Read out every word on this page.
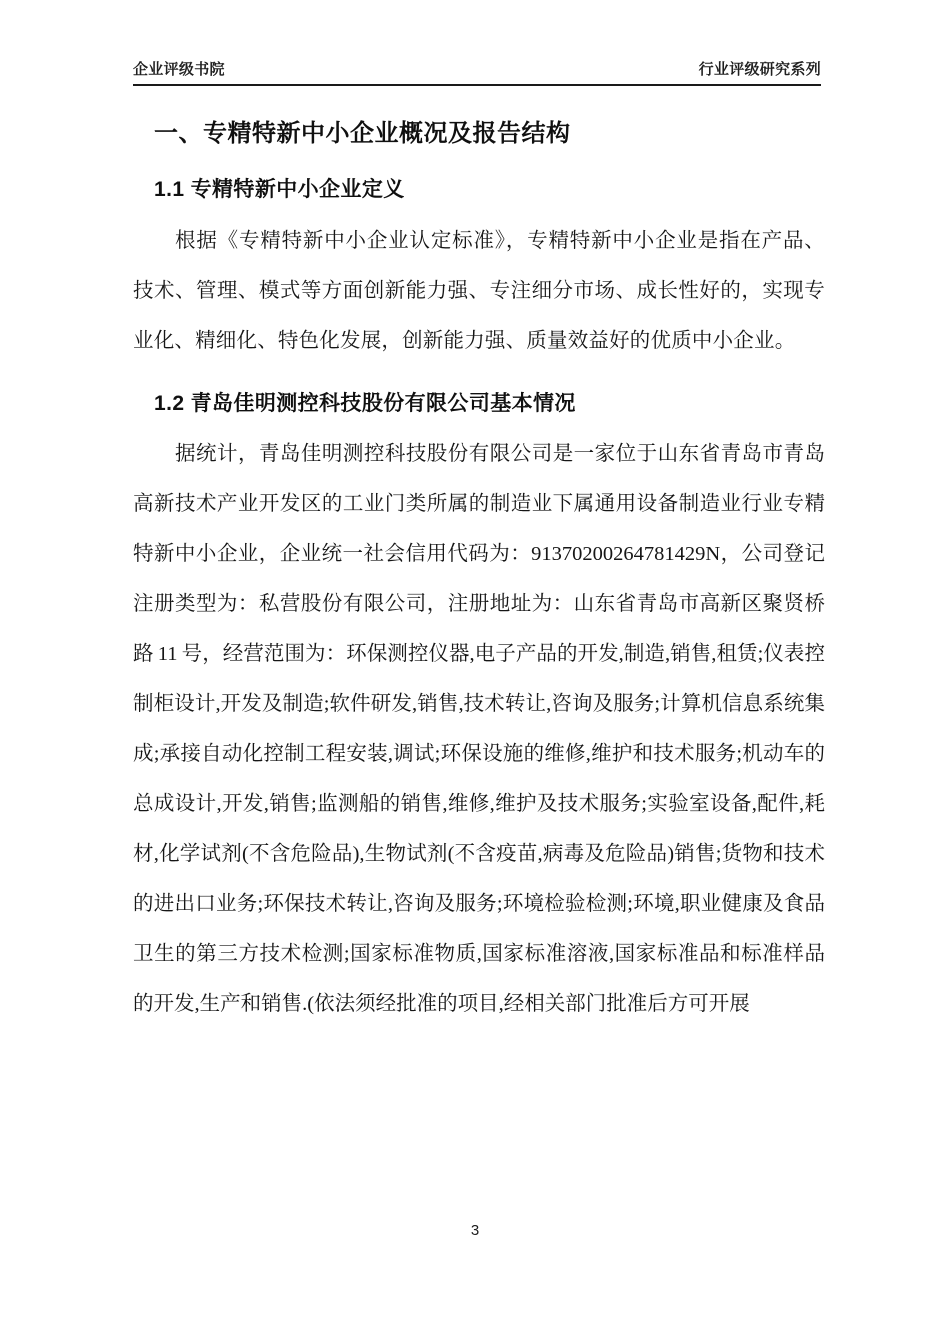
企业评级书院	行业评级研究系列
一、专精特新中小企业概况及报告结构
1.1 专精特新中小企业定义

根据《专精特新中小企业认定标准》，专精特新中小企业是指在产品、技术、管理、模式等方面创新能力强、专注细分市场、成长性好的，实现专业化、精细化、特色化发展，创新能力强、质量效益好的优质中小企业。

1.2 青岛佳明测控科技股份有限公司基本情况

据统计，青岛佳明测控科技股份有限公司是一家位于山东省青岛市青岛高新技术产业开发区的工业门类所属的制造业下属通用设备制造业行业专精特新中小企业，企业统一社会信用代码为：91370200264781429N，公司登记注册类型为：私营股份有限公司，注册地址为：山东省青岛市高新区聚贤桥路 11 号，经营范围为：环保测控仪器,电子产品的开发,制造,销售,租赁;仪表控制柜设计,开发及制造;软件研发,销售,技术转让,咨询及服务;计算机信息系统集成;承接自动化控制工程安装,调试;环保设施的维修,维护和技术服务;机动车的总成设计,开发,销售;监测船的销售,维修,维护及技术服务;实验室设备,配件,耗材,化学试剂(不含危险品),生物试剂(不含疫苗,病毒及危险品)销售;货物和技术的进出口业务;环保技术转让,咨询及服务;环境检验检测;环境,职业健康及食品卫生的第三方技术检测;国家标准物质,国家标准溶液,国家标准品和标准样品的开发,生产和销售.(依法须经批准的项目,经相关部门批准后方可开展

3
